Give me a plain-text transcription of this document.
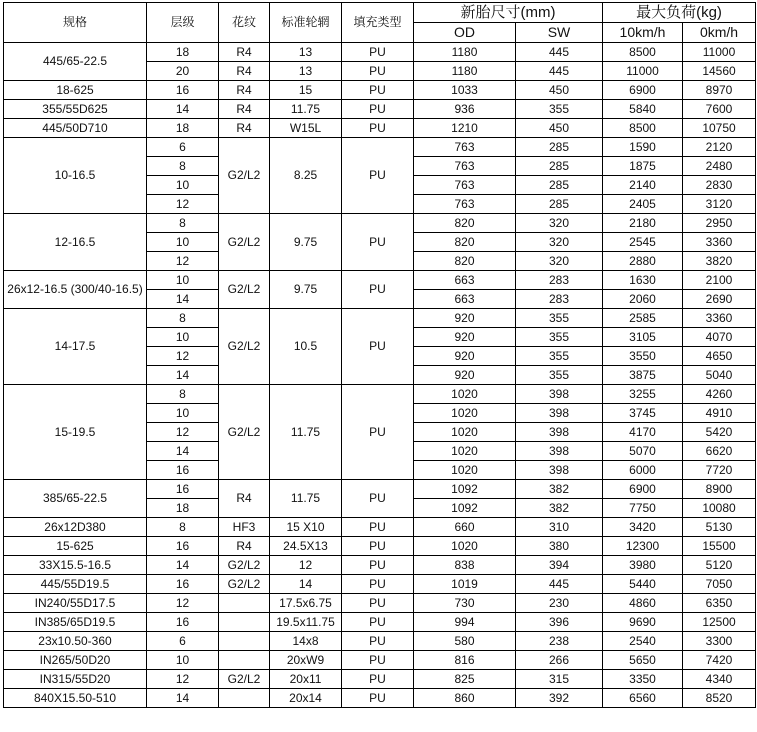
规格	层级	花纹	标准轮辋	填充类型	新胎尺寸(mm)		最大负荷(kg)	
					OD	SW	10km/h	0km/h
445/65-22.5	18	R4	13	PU	1180	445	8500	11000
	20	R4	13	PU	1180	445	11000	14560
18-625	16	R4	15	PU	1033	450	6900	8970
355/55D625	14	R4	11.75	PU	936	355	5840	7600
445/50D710	18	R4	W15L	PU	1210	450	8500	10750
10-16.5	6	G2/L2	8.25	PU	763	285	1590	2120
	8				763	285	1875	2480
	10				763	285	2140	2830
	12				763	285	2405	3120
12-16.5	8	G2/L2	9.75	PU	820	320	2180	2950
	10				820	320	2545	3360
	12				820	320	2880	3820
26x12-16.5 (300/40-16.5)	10	G2/L2	9.75	PU	663	283	1630	2100
	14				663	283	2060	2690
14-17.5	8	G2/L2	10.5	PU	920	355	2585	3360
	10				920	355	3105	4070
	12				920	355	3550	4650
	14				920	355	3875	5040
15-19.5	8	G2/L2	11.75	PU	1020	398	3255	4260
	10				1020	398	3745	4910
	12				1020	398	4170	5420
	14				1020	398	5070	6620
	16				1020	398	6000	7720
385/65-22.5	16	R4	11.75	PU	1092	382	6900	8900
	18				1092	382	7750	10080
26x12D380	8	HF3	15 X10	PU	660	310	3420	5130
15-625	16	R4	24.5X13	PU	1020	380	12300	15500
33X15.5-16.5	14	G2/L2	12	PU	838	394	3980	5120
445/55D19.5	16	G2/L2	14	PU	1019	445	5440	7050
IN240/55D17.5	12		17.5x6.75	PU	730	230	4860	6350
IN385/65D19.5	16		19.5x11.75	PU	994	396	9690	12500
23x10.50-360	6		14x8	PU	580	238	2540	3300
IN265/50D20	10		20xW9	PU	816	266	5650	7420
IN315/55D20	12	G2/L2	20x11	PU	825	315	3350	4340
840X15.50-510	14		20x14	PU	860	392	6560	8520
